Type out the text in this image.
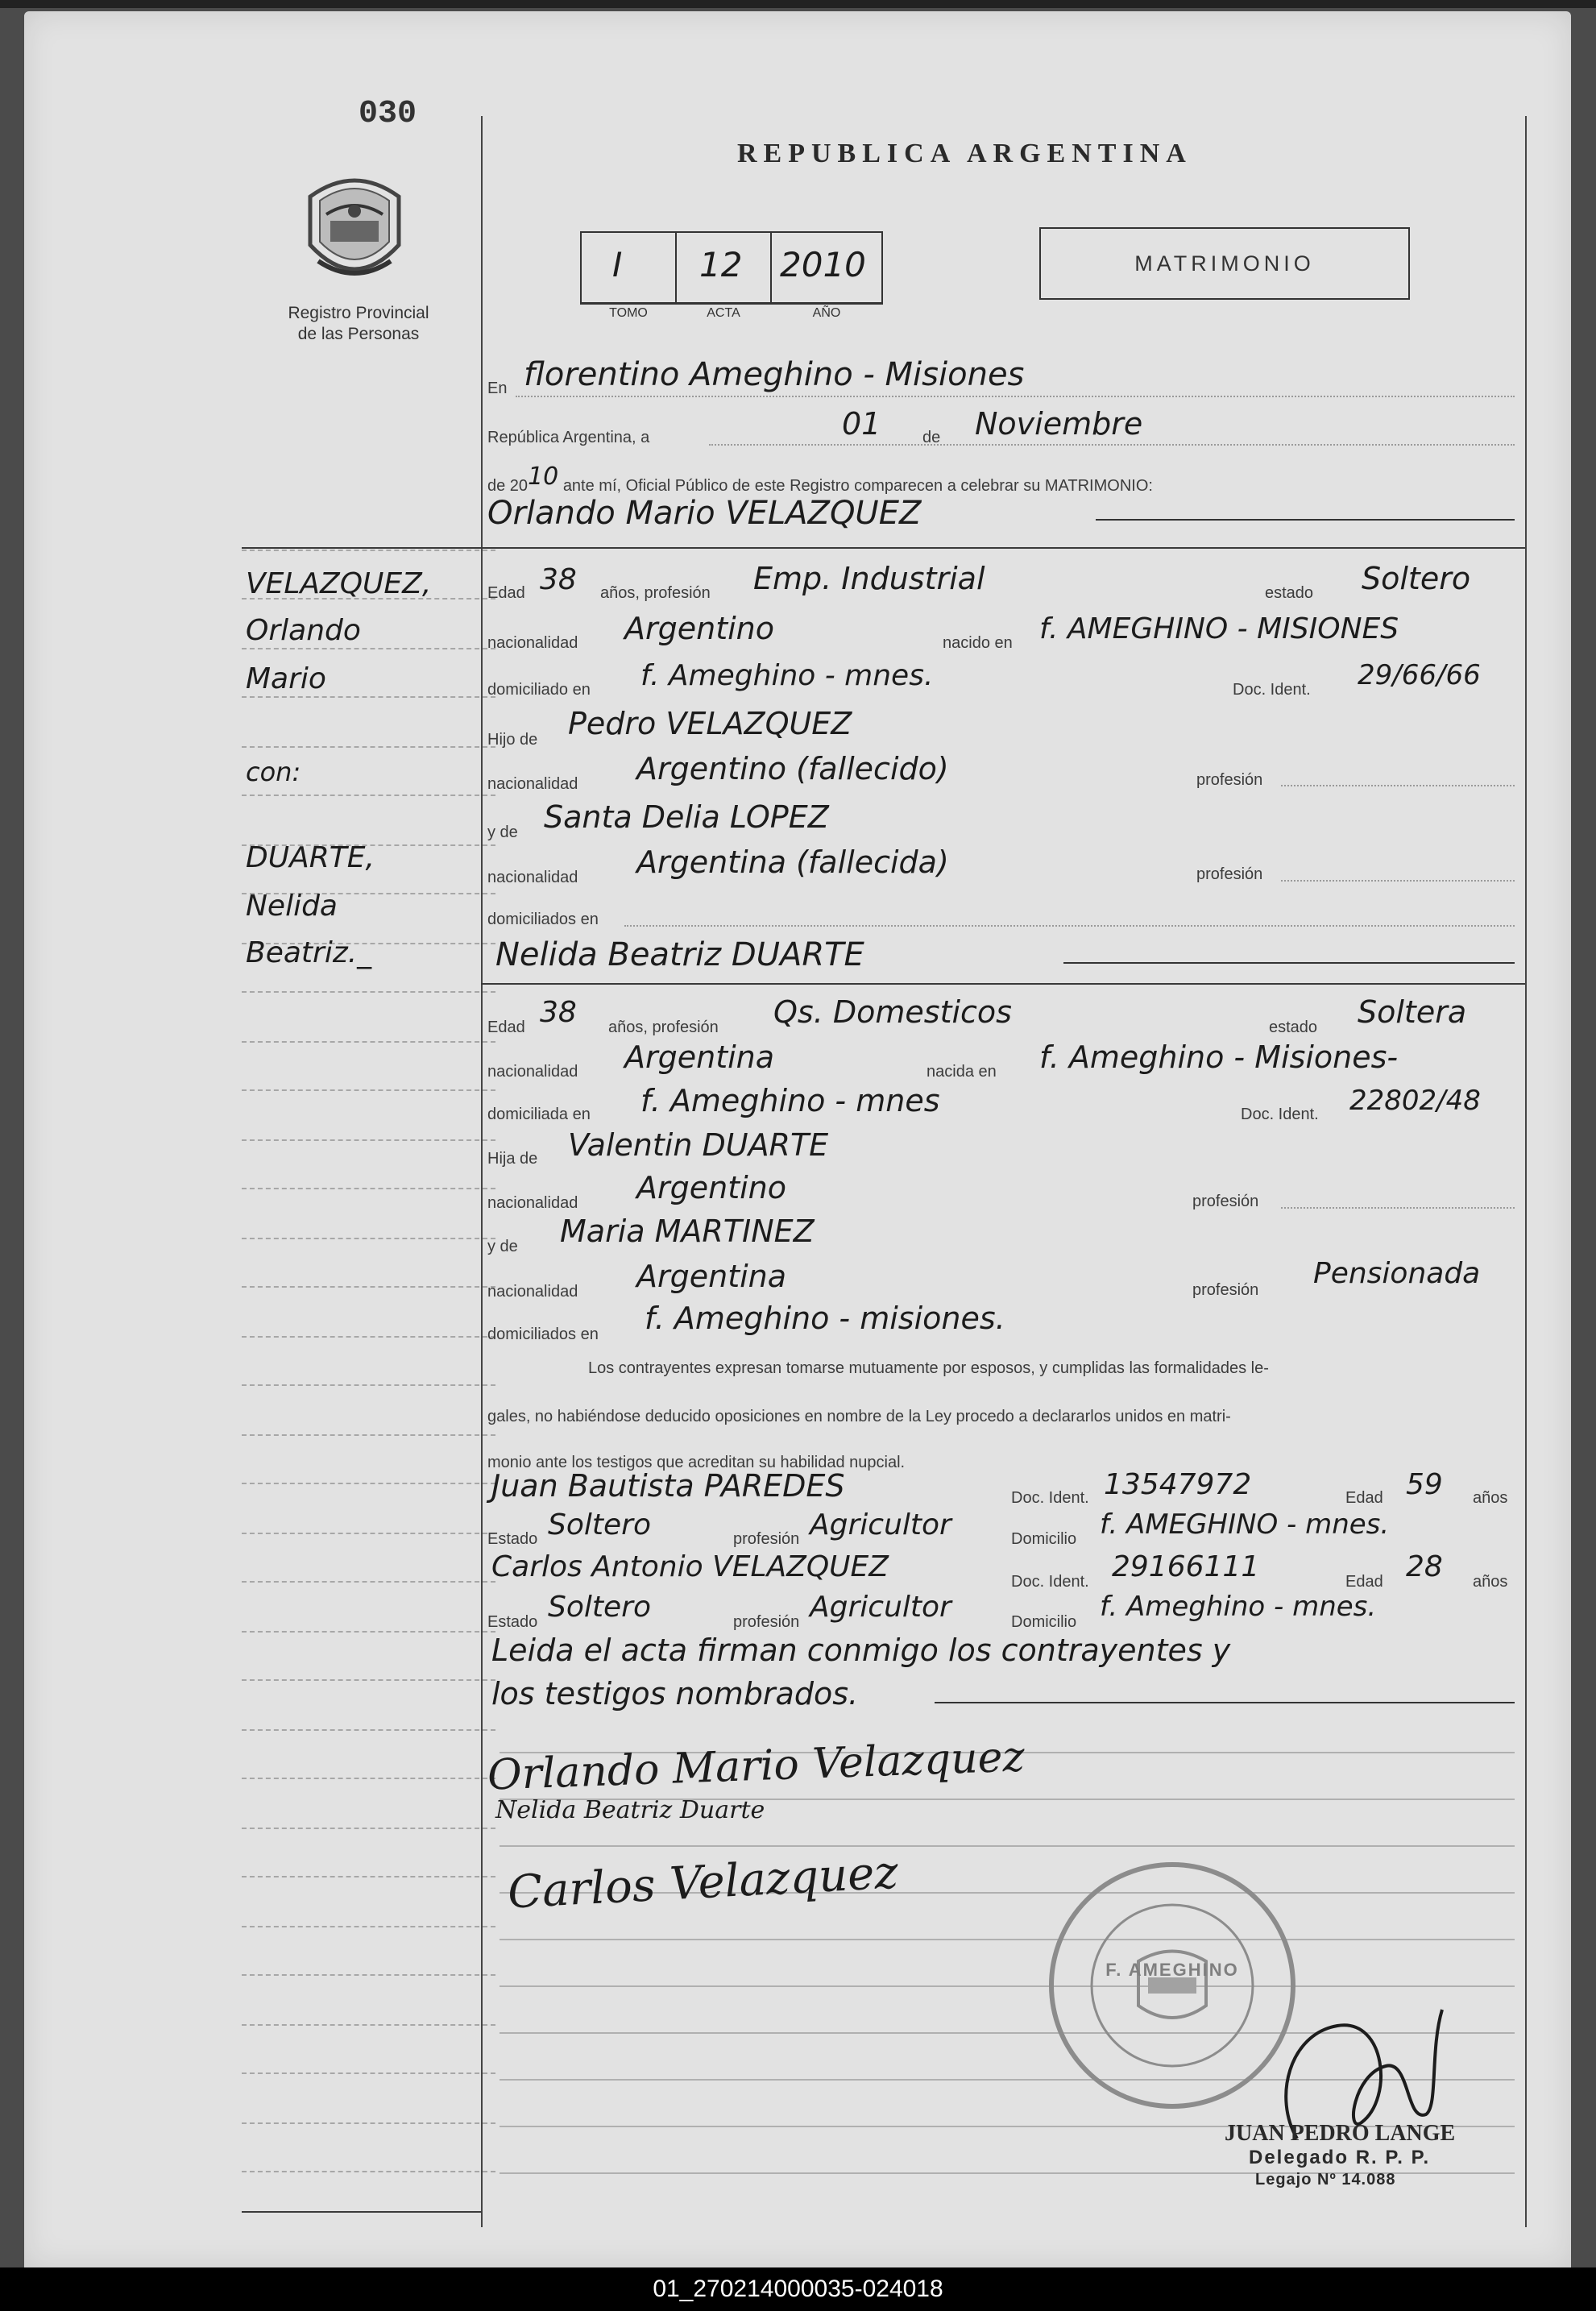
030
Registro Provincial
de las Personas
REPUBLICA ARGENTINA
I 12 2010
TOMO	ACTA	AÑO
MATRIMONIO
VELAZQUEZ,
Orlando
Mario
con:
DUARTE,
Nelida
Beatriz._
En florentino Ameghino - Misiones
República Argentina, a	01	de Noviembre
de 2010 ante mí, Oficial Público de este Registro comparecen a celebrar su MATRIMONIO:
Orlando Mario VELAZQUEZ
Edad 38 años, profesión Emp. Industrial	estado Soltero
nacionalidad Argentino	nacido en f. AMEGHINO - MISIONES
domiciliado en f. Ameghino - mnes.	Doc. Ident. 29/66/66
Hijo de Pedro VELAZQUEZ
nacionalidad Argentino (fallecido)	profesión
y de Santa Delia LOPEZ
nacionalidad Argentina (fallecida)	profesión
domiciliados en
Nelida Beatriz DUARTE
Edad 38 años, profesión Qs. Domesticos	estado Soltera
nacionalidad Argentina	nacida en f. Ameghino - Misiones-
domiciliada en f. Ameghino - mnes	Doc. Ident. 22802/48
Hija de Valentin DUARTE
nacionalidad Argentino	profesión
y de Maria MARTINEZ
nacionalidad Argentina	profesión Pensionada
domiciliados en f. Ameghino - misiones.
Los contrayentes expresan tomarse mutuamente por esposos, y cumplidas las formalidades le-
gales, no habiéndose deducido oposiciones en nombre de la Ley procedo a declararlos unidos en matri-
monio ante los testigos que acreditan su habilidad nupcial.
Juan Bautista PAREDES	Doc. Ident. 13547972	Edad 59 años
Estado Soltero	profesión Agricultor	Domicilio f. AMEGHINO - mnes.
Carlos Antonio VELAZQUEZ	Doc. Ident. 29166111	Edad 28 años
Estado Soltero	profesión Agricultor	Domicilio f. Ameghino - mnes.
Leida el acta firman conmigo los contrayentes y
los testigos nombrados.
Orlando Mario Velazquez
Nelida Beatriz Duarte
Carlos Velazquez
F. AMEGHINO
JUAN PEDRO LANGE
Delegado R. P. P.
Legajo Nº 14.088
01_270214000035-024018
